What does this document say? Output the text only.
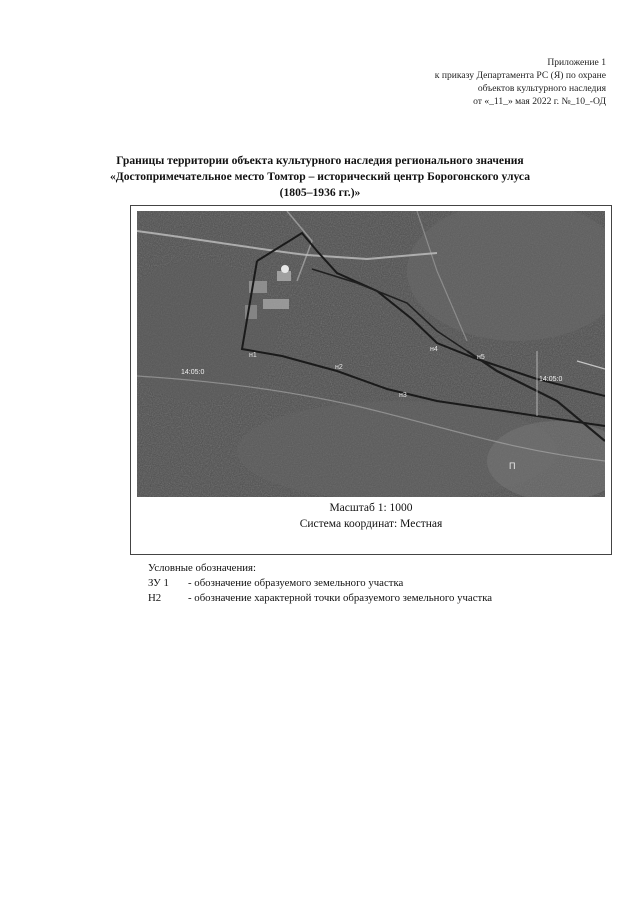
Приложение 1
к приказу Департамента РС (Я) по охране
объектов культурного наследия
от «_11_» мая 2022 г. №_10_-ОД
Границы территории объекта культурного наследия регионального значения
«Достопримечательное место Томтор – исторический центр Борогонского улуса
(1805–1936 гг.)»
н1
н2
н3
н4
н5
14:05:0
14:05:0
П
Масштаб 1: 1000
Система координат: Местная
Условные обозначения:
ЗУ 1	- обозначение образуемого земельного участка
Н2	- обозначение характерной точки образуемого земельного участка
